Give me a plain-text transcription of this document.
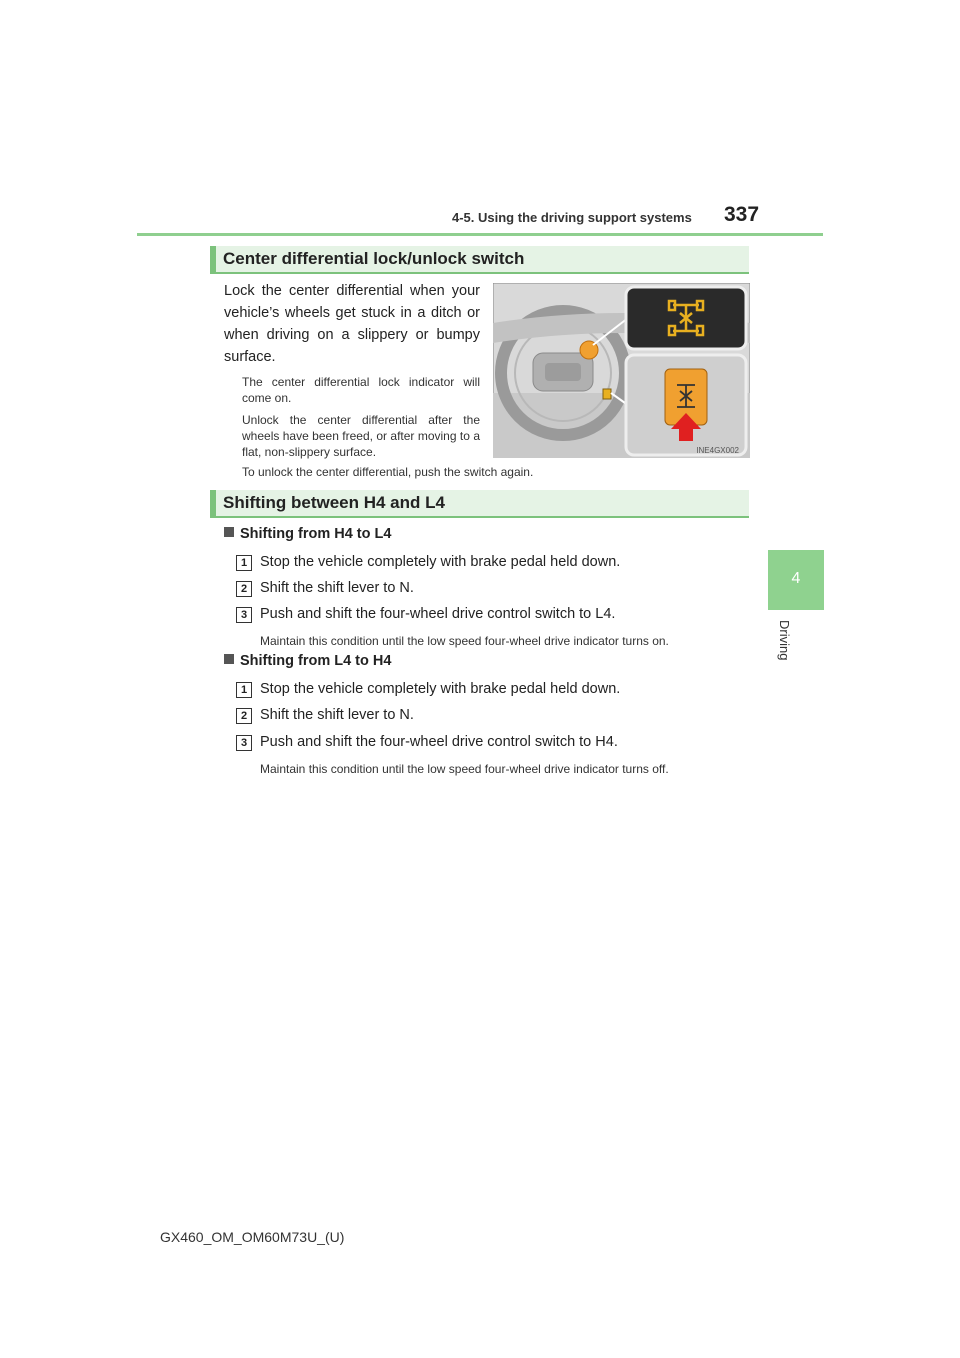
4-5. Using the driving support systems 337
4
Driving
Center differential lock/unlock switch
Lock the center differential when your vehicle’s wheels get stuck in a ditch or when driving on a slippery or bumpy surface.
The center differential lock indicator will come on.
Unlock the center differential after the wheels have been freed, or after moving to a flat, non-slippery surface.
To unlock the center differential, push the switch again.
INE4GX002
Shifting between H4 and L4
Shifting from H4 to L4
1 Stop the vehicle completely with brake pedal held down.
2 Shift the shift lever to N.
3 Push and shift the four-wheel drive control switch to L4.
Maintain this condition until the low speed four-wheel drive indicator turns on.
Shifting from L4 to H4
1 Stop the vehicle completely with brake pedal held down.
2 Shift the shift lever to N.
3 Push and shift the four-wheel drive control switch to H4.
Maintain this condition until the low speed four-wheel drive indicator turns off.
GX460_OM_OM60M73U_(U)
